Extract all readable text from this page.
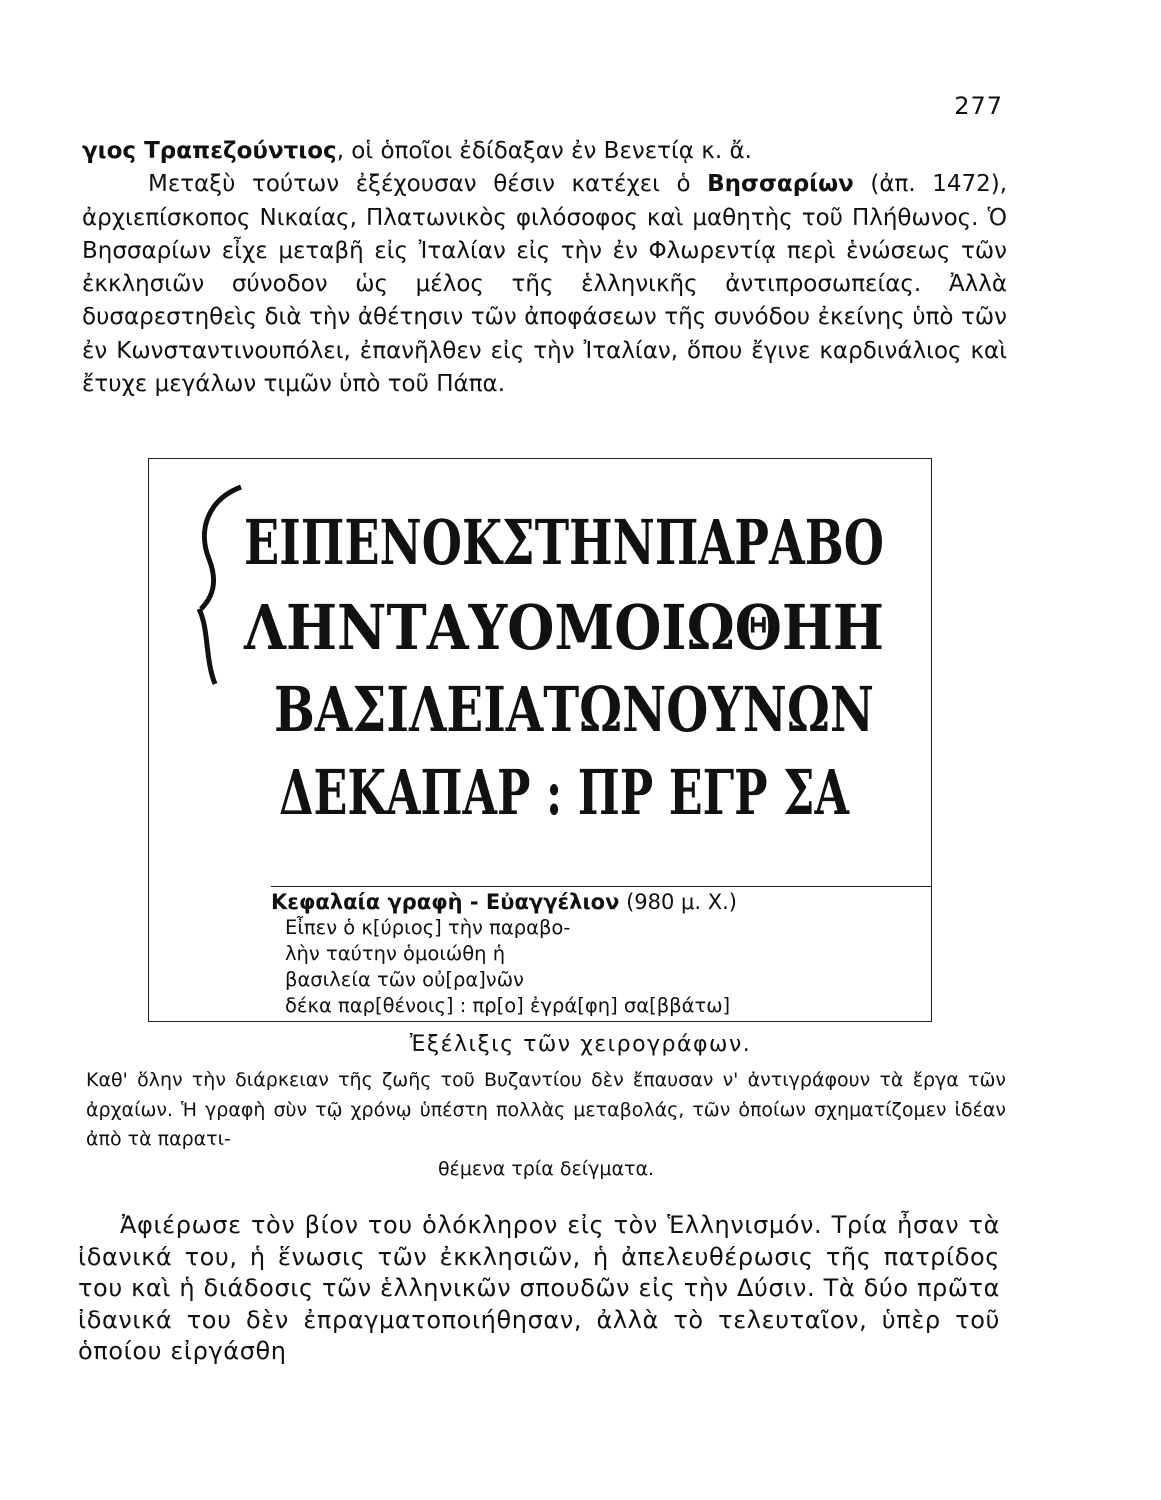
277

γιος Τραπεζούντιος, οἱ ὁποῖοι ἐδίδαξαν ἐν Βενετίᾳ κ. ἄ.

Μεταξὺ τούτων ἐξέχουσαν θέσιν κατέχει ὁ Βησσαρίων (ἀπ. 1472), ἀρχιεπίσκοπος Νικαίας, Πλατωνικὸς φιλόσοφος καὶ μαθητὴς τοῦ Πλήθωνος. Ὁ Βησσαρίων εἶχε μεταβῆ εἰς Ἰταλίαν εἰς τὴν ἐν Φλωρεντίᾳ περὶ ἑνώσεως τῶν ἐκκλησιῶν σύνοδον ὡς μέλος τῆς ἑλληνικῆς ἀντιπροσωπείας. Ἀλλὰ δυσαρεστηθεὶς διὰ τὴν ἀθέτησιν τῶν ἀποφάσεων τῆς συνόδου ἐκείνης ὑπὸ τῶν ἐν Κωνσταντινουπόλει, ἐπανῆλθεν εἰς τὴν Ἰταλίαν, ὅπου ἔγινε καρδινάλιος καὶ ἔτυχε μεγάλων τιμῶν ὑπὸ τοῦ Πάπα.

ΕΙΠΕΝΟΚΣΤΗΝΠΑΡΑΒΟ
ΛΗΝΤΑΥΟΜΟΙΩΘΗΗ
ΒΑΣΙΛΕΙΑΤΩΝΟΥΝΩΝ
ΔΕΚΑΠΑΡ : ΠΡ ΕΓΡ ΣΑ
Κεφαλαία γραφὴ - Εὐαγγέλιον (980 μ. Χ.)
Εἶπεν ὁ κ[ύριος] τὴν παραβο-
λὴν ταύτην ὁμοιώθη ἡ
βασιλεία τῶν οὐ[ρα]νῶν
δέκα παρ[θένοις] : πρ[ο] ἐγρά[φη] σα[ββάτω]
Ἐξέλιξις τῶν χειρογράφων.

Καθ' ὅλην τὴν διάρκειαν τῆς ζωῆς τοῦ Βυζαντίου δὲν ἔπαυσαν ν' ἀντιγράφουν τὰ ἔργα τῶν ἀρχαίων. Ἡ γραφὴ σὺν τῷ χρόνῳ ὑπέστη πολλὰς μεταβολάς, τῶν ὁποίων σχηματίζομεν ἰδέαν ἀπὸ τὰ παρατι-

θέμενα τρία δείγματα.

Ἀφιέρωσε τὸν βίον του ὁλόκληρον εἰς τὸν Ἑλληνισμόν. Τρία ἦσαν τὰ ἰδανικά του, ἡ ἕνωσις τῶν ἐκκλησιῶν, ἡ ἀπελευθέρωσις τῆς πατρίδος του καὶ ἡ διάδοσις τῶν ἑλληνικῶν σπουδῶν εἰς τὴν Δύσιν. Τὰ δύο πρῶτα ἰδανικά του δὲν ἐπραγματοποιήθησαν, ἀλλὰ τὸ τελευταῖον, ὑπὲρ τοῦ ὁποίου εἰργάσθη
